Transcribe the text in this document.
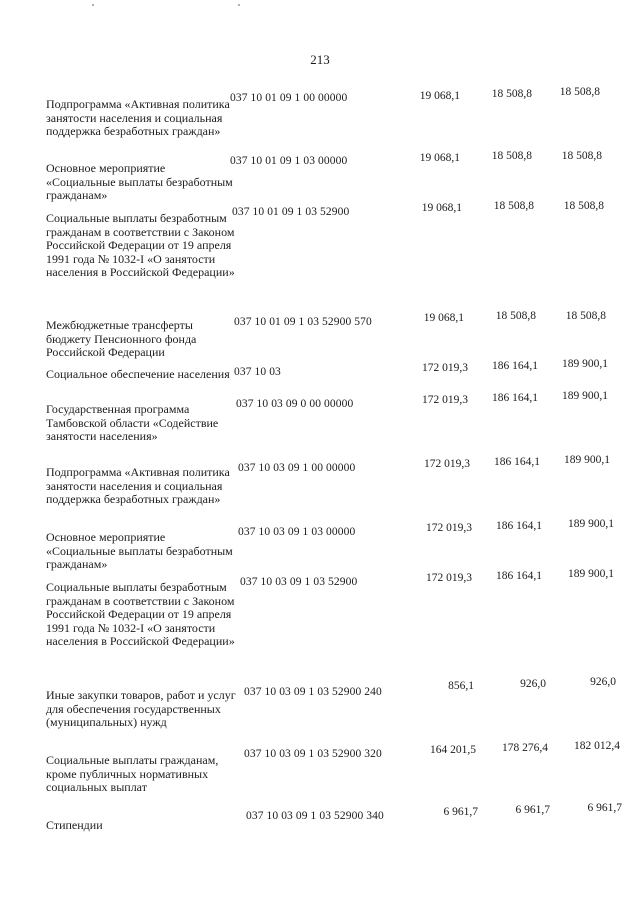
213
Подпрограмма «Активная политика занятости населения и социальная поддержка безработных граждан»
037 10 01 09 1 00 00000	19 068,1	18 508,8	18 508,8
Основное мероприятие «Социальные выплаты безработным гражданам»
037 10 01 09 1 03 00000	19 068,1	18 508,8	18 508,8
Социальные выплаты безработным гражданам в соответствии с Законом Российской Федерации от 19 апреля 1991 года № 1032-I «О занятости населения в Российской Федерации»
037 10 01 09 1 03 52900	19 068,1	18 508,8	18 508,8
Межбюджетные трансферты бюджету Пенсионного фонда Российской Федерации
037 10 01 09 1 03 52900 570	19 068,1	18 508,8	18 508,8
Социальное обеспечение населения 037 10 03	172 019,3	186 164,1	189 900,1
Государственная программа Тамбовской области «Содействие занятости населения»
037 10 03 09 0 00 00000	172 019,3	186 164,1	189 900,1
Подпрограмма «Активная политика занятости населения и социальная поддержка безработных граждан»
037 10 03 09 1 00 00000	172 019,3	186 164,1	189 900,1
Основное мероприятие «Социальные выплаты безработным гражданам»
037 10 03 09 1 03 00000	172 019,3	186 164,1	189 900,1
Социальные выплаты безработным гражданам в соответствии с Законом Российской Федерации от 19 апреля 1991 года № 1032-I «О занятости населения в Российской Федерации»
037 10 03 09 1 03 52900	172 019,3	186 164,1	189 900,1
Иные закупки товаров, работ и услуг для обеспечения государственных (муниципальных) нужд
037 10 03 09 1 03 52900 240	856,1	926,0	926,0
Социальные выплаты гражданам, кроме публичных нормативных социальных выплат
037 10 03 09 1 03 52900 320	164 201,5	178 276,4	182 012,4
Стипендии
037 10 03 09 1 03 52900 340	6 961,7	6 961,7	6 961,7
